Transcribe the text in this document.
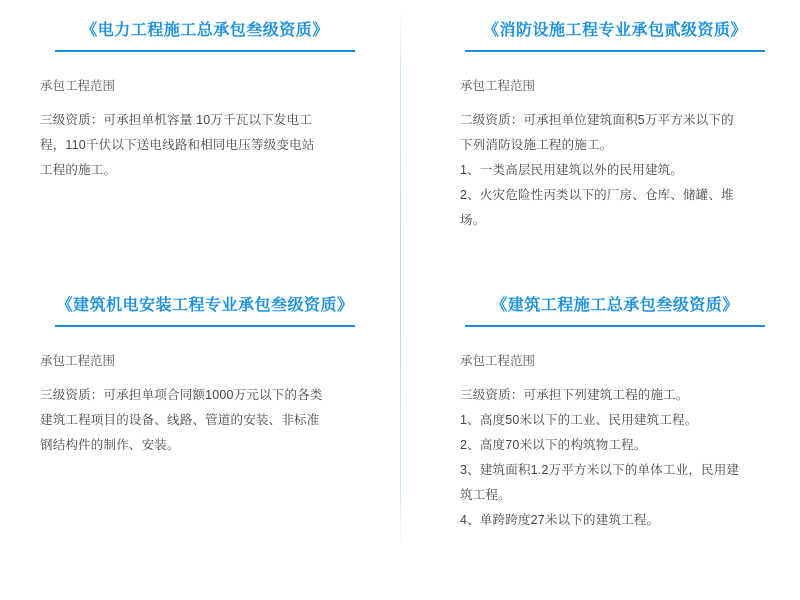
《电力工程施工总承包叁级资质》
承包工程范围
三级资质：可承担单机容量 10万千瓦以下发电工
程，110千伏以下送电线路和相同电压等级变电站
工程的施工。
《消防设施工程专业承包贰级资质》
承包工程范围
二级资质：可承担单位建筑面积5万平方米以下的
下列消防设施工程的施工。
1、一类高层民用建筑以外的民用建筑。
2、火灾危险性丙类以下的厂房、仓库、储罐、堆
场。
《建筑机电安装工程专业承包叁级资质》
承包工程范围
三级资质：可承担单项合同额1000万元以下的各类
建筑工程项目的设备、线路、管道的安装、非标准
钢结构件的制作、安装。
《建筑工程施工总承包叁级资质》
承包工程范围
三级资质：可承担下列建筑工程的施工。
1、高度50米以下的工业、民用建筑工程。
2、高度70米以下的构筑物工程。
3、建筑面积1.2万平方米以下的单体工业，民用建
筑工程。
4、单跨跨度27米以下的建筑工程。
